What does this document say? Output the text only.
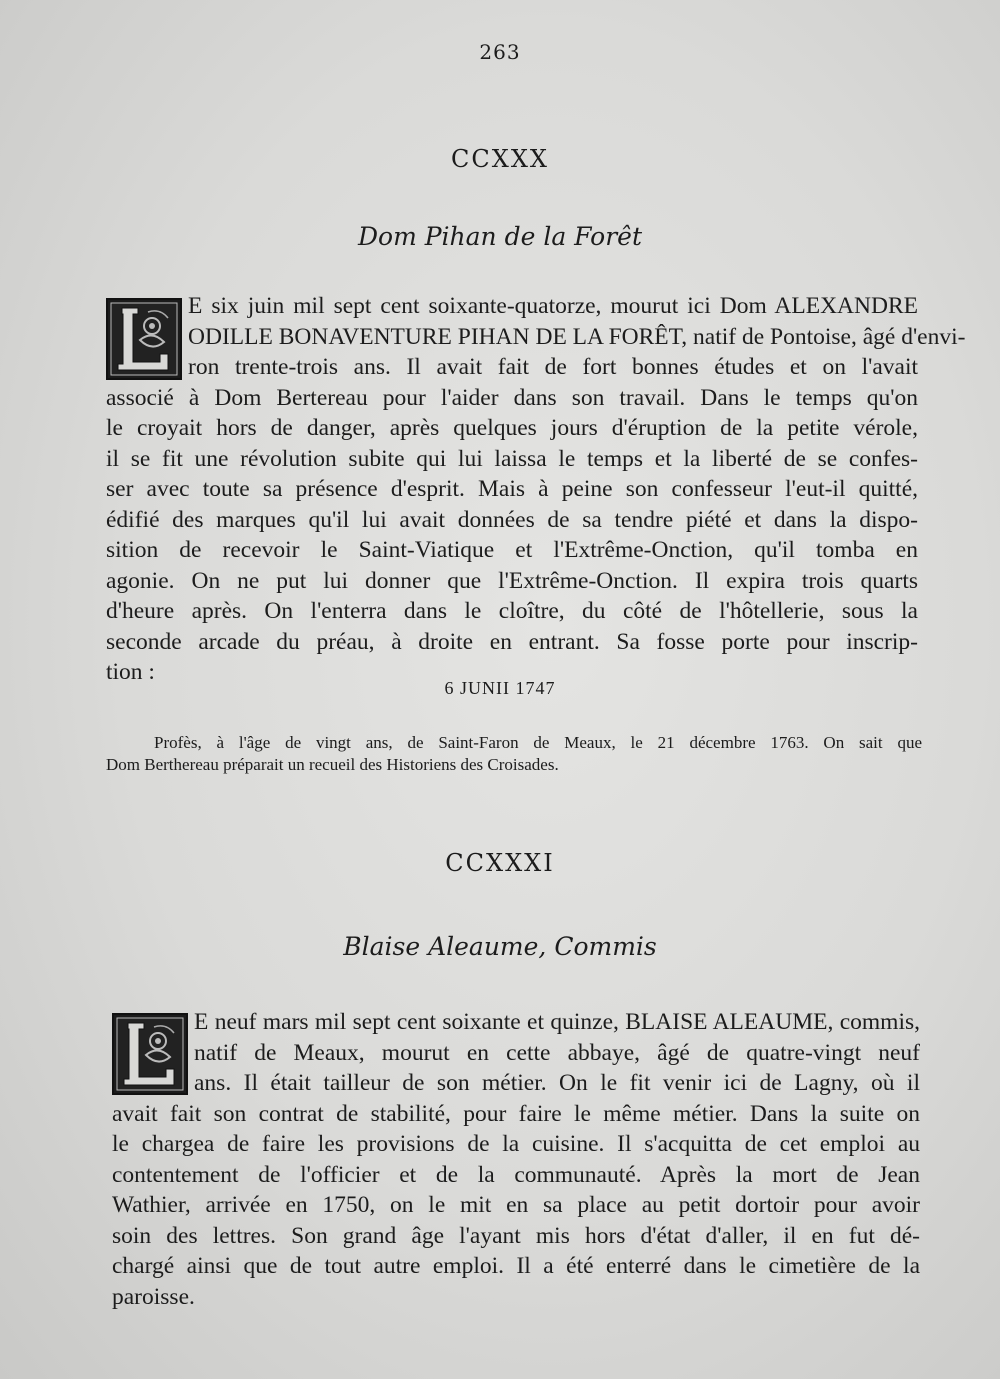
263
CCXXX
Dom Pihan de la Forêt
E six juin mil sept cent soixante-quatorze, mourut ici Dom ALEXANDRE
ODILLE BONAVENTURE PIHAN DE LA FORÊT, natif de Pontoise, âgé d'envi-
ron trente-trois ans. Il avait fait de fort bonnes études et on l'avait
associé à Dom Bertereau pour l'aider dans son travail. Dans le temps qu'on
le croyait hors de danger, après quelques jours d'éruption de la petite vérole,
il se fit une révolution subite qui lui laissa le temps et la liberté de se confes-
ser avec toute sa présence d'esprit. Mais à peine son confesseur l'eut-il quitté,
édifié des marques qu'il lui avait données de sa tendre piété et dans la dispo-
sition de recevoir le Saint-Viatique et l'Extrême-Onction, qu'il tomba en
agonie. On ne put lui donner que l'Extrême-Onction. Il expira trois quarts
d'heure après. On l'enterra dans le cloître, du côté de l'hôtellerie, sous la
seconde arcade du préau, à droite en entrant. Sa fosse porte pour inscrip-
tion :
6 JUNII 1747
Profès, à l'âge de vingt ans, de Saint-Faron de Meaux, le 21 décembre 1763. On sait que
Dom Berthereau préparait un recueil des Historiens des Croisades.
CCXXXI
Blaise Aleaume, Commis
E neuf mars mil sept cent soixante et quinze, BLAISE ALEAUME, commis,
natif de Meaux, mourut en cette abbaye, âgé de quatre-vingt neuf
ans. Il était tailleur de son métier. On le fit venir ici de Lagny, où il
avait fait son contrat de stabilité, pour faire le même métier. Dans la suite on
le chargea de faire les provisions de la cuisine. Il s'acquitta de cet emploi au
contentement de l'officier et de la communauté. Après la mort de Jean
Wathier, arrivée en 1750, on le mit en sa place au petit dortoir pour avoir
soin des lettres. Son grand âge l'ayant mis hors d'état d'aller, il en fut dé-
chargé ainsi que de tout autre emploi. Il a été enterré dans le cimetière de la
paroisse.
